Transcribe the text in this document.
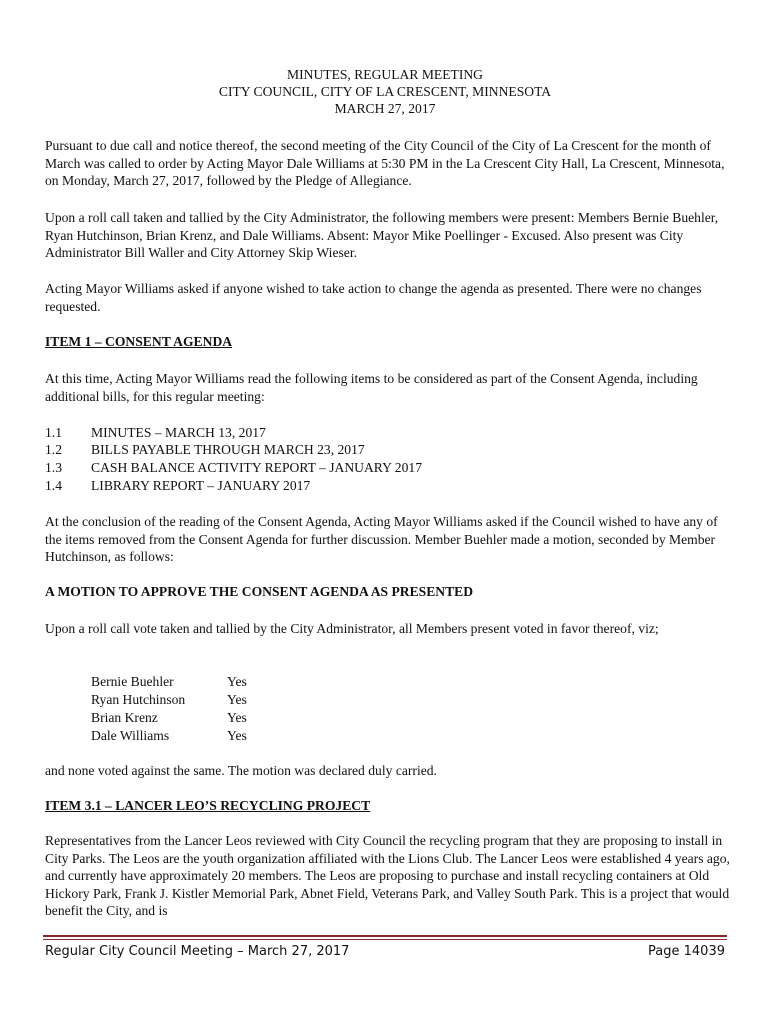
MINUTES, REGULAR MEETING
CITY COUNCIL, CITY OF LA CRESCENT, MINNESOTA
MARCH 27, 2017
Pursuant to due call and notice thereof, the second meeting of the City Council of the City of La Crescent for the month of March was called to order by Acting Mayor Dale Williams at 5:30 PM in the La Crescent City Hall, La Crescent, Minnesota, on Monday, March 27, 2017, followed by the Pledge of Allegiance.
Upon a roll call taken and tallied by the City Administrator, the following members were present: Members Bernie Buehler, Ryan Hutchinson, Brian Krenz, and Dale Williams. Absent: Mayor Mike Poellinger - Excused. Also present was City Administrator Bill Waller and City Attorney Skip Wieser.
Acting Mayor Williams asked if anyone wished to take action to change the agenda as presented. There were no changes requested.
ITEM 1 – CONSENT AGENDA
At this time, Acting Mayor Williams read the following items to be considered as part of the Consent Agenda, including additional bills, for this regular meeting:
1.1 MINUTES – MARCH 13, 2017
1.2 BILLS PAYABLE THROUGH MARCH 23, 2017
1.3 CASH BALANCE ACTIVITY REPORT – JANUARY 2017
1.4 LIBRARY REPORT – JANUARY 2017
At the conclusion of the reading of the Consent Agenda, Acting Mayor Williams asked if the Council wished to have any of the items removed from the Consent Agenda for further discussion. Member Buehler made a motion, seconded by Member Hutchinson, as follows:
A MOTION TO APPROVE THE CONSENT AGENDA AS PRESENTED
Upon a roll call vote taken and tallied by the City Administrator, all Members present voted in favor thereof, viz;
Bernie Buehler	Yes
Ryan Hutchinson	Yes
Brian Krenz	Yes
Dale Williams	Yes
and none voted against the same. The motion was declared duly carried.
ITEM 3.1 – LANCER LEO’S RECYCLING PROJECT
Representatives from the Lancer Leos reviewed with City Council the recycling program that they are proposing to install in City Parks. The Leos are the youth organization affiliated with the Lions Club. The Lancer Leos were established 4 years ago, and currently have approximately 20 members. The Leos are proposing to purchase and install recycling containers at Old Hickory Park, Frank J. Kistler Memorial Park, Abnet Field, Veterans Park, and Valley South Park. This is a project that would benefit the City, and is
Regular City Council Meeting – March 27, 2017	Page 14039
